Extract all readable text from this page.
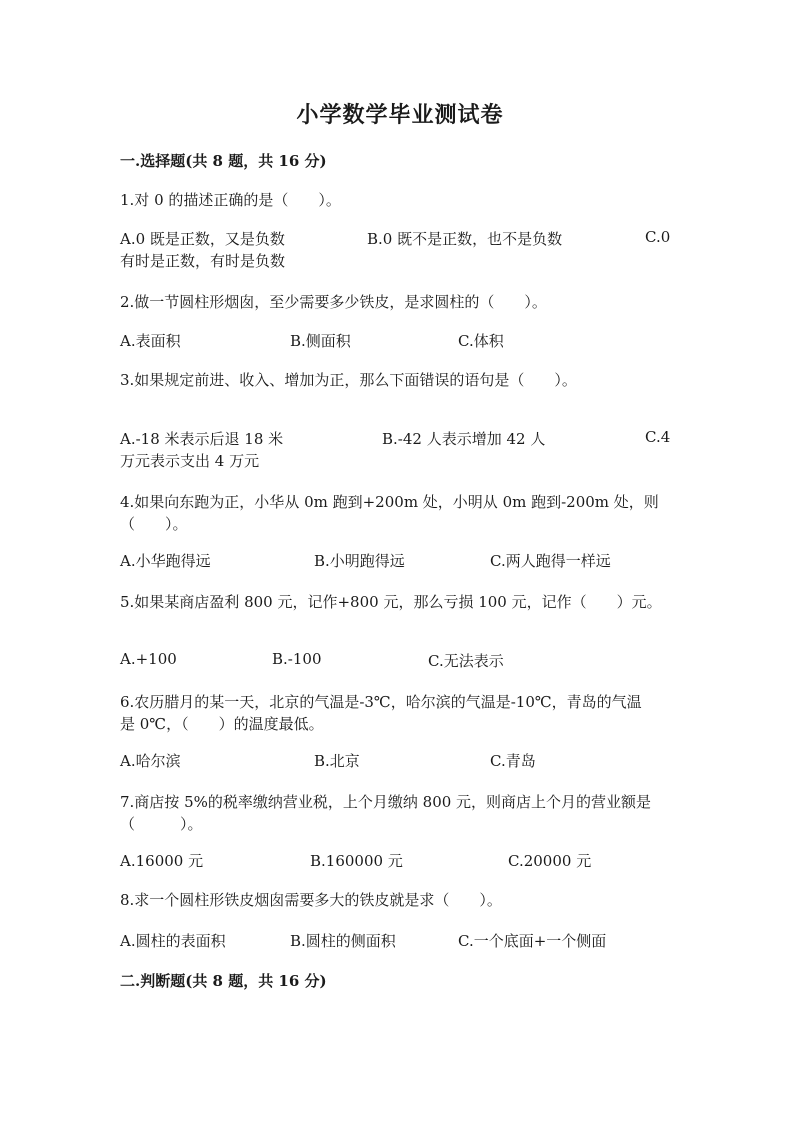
小学数学毕业测试卷
一.选择题(共 8 题，共 16 分)
1.对 0 的描述正确的是（　　）。
A.0 既是正数，又是负数	B.0 既不是正数，也不是负数	C.0
有时是正数，有时是负数
2.做一节圆柱形烟囱，至少需要多少铁皮，是求圆柱的（　　）。
A.表面积	B.侧面积	C.体积
3.如果规定前进、收入、增加为正，那么下面错误的语句是（　　）。
A.-18 米表示后退 18 米	B.-42 人表示增加 42 人	C.4
万元表示支出 4 万元
4.如果向东跑为正，小华从 0m 跑到+200m 处，小明从 0m 跑到-200m 处，则
（　　）。
A.小华跑得远	B.小明跑得远	C.两人跑得一样远
5.如果某商店盈利 800 元，记作+800 元，那么亏损 100 元，记作（　　）元。
A.+100	B.-100	C.无法表示
6.农历腊月的某一天，北京的气温是-3℃，哈尔滨的气温是-10℃，青岛的气温
是 0℃，（　　）的温度最低。
A.哈尔滨	B.北京	C.青岛
7.商店按 5%的税率缴纳营业税，上个月缴纳 800 元，则商店上个月的营业额是
（　　　）。
A.16000 元	B.160000 元	C.20000 元
8.求一个圆柱形铁皮烟囱需要多大的铁皮就是求（　　）。
A.圆柱的表面积	B.圆柱的侧面积	C.一个底面+一个侧面
二.判断题(共 8 题，共 16 分)
